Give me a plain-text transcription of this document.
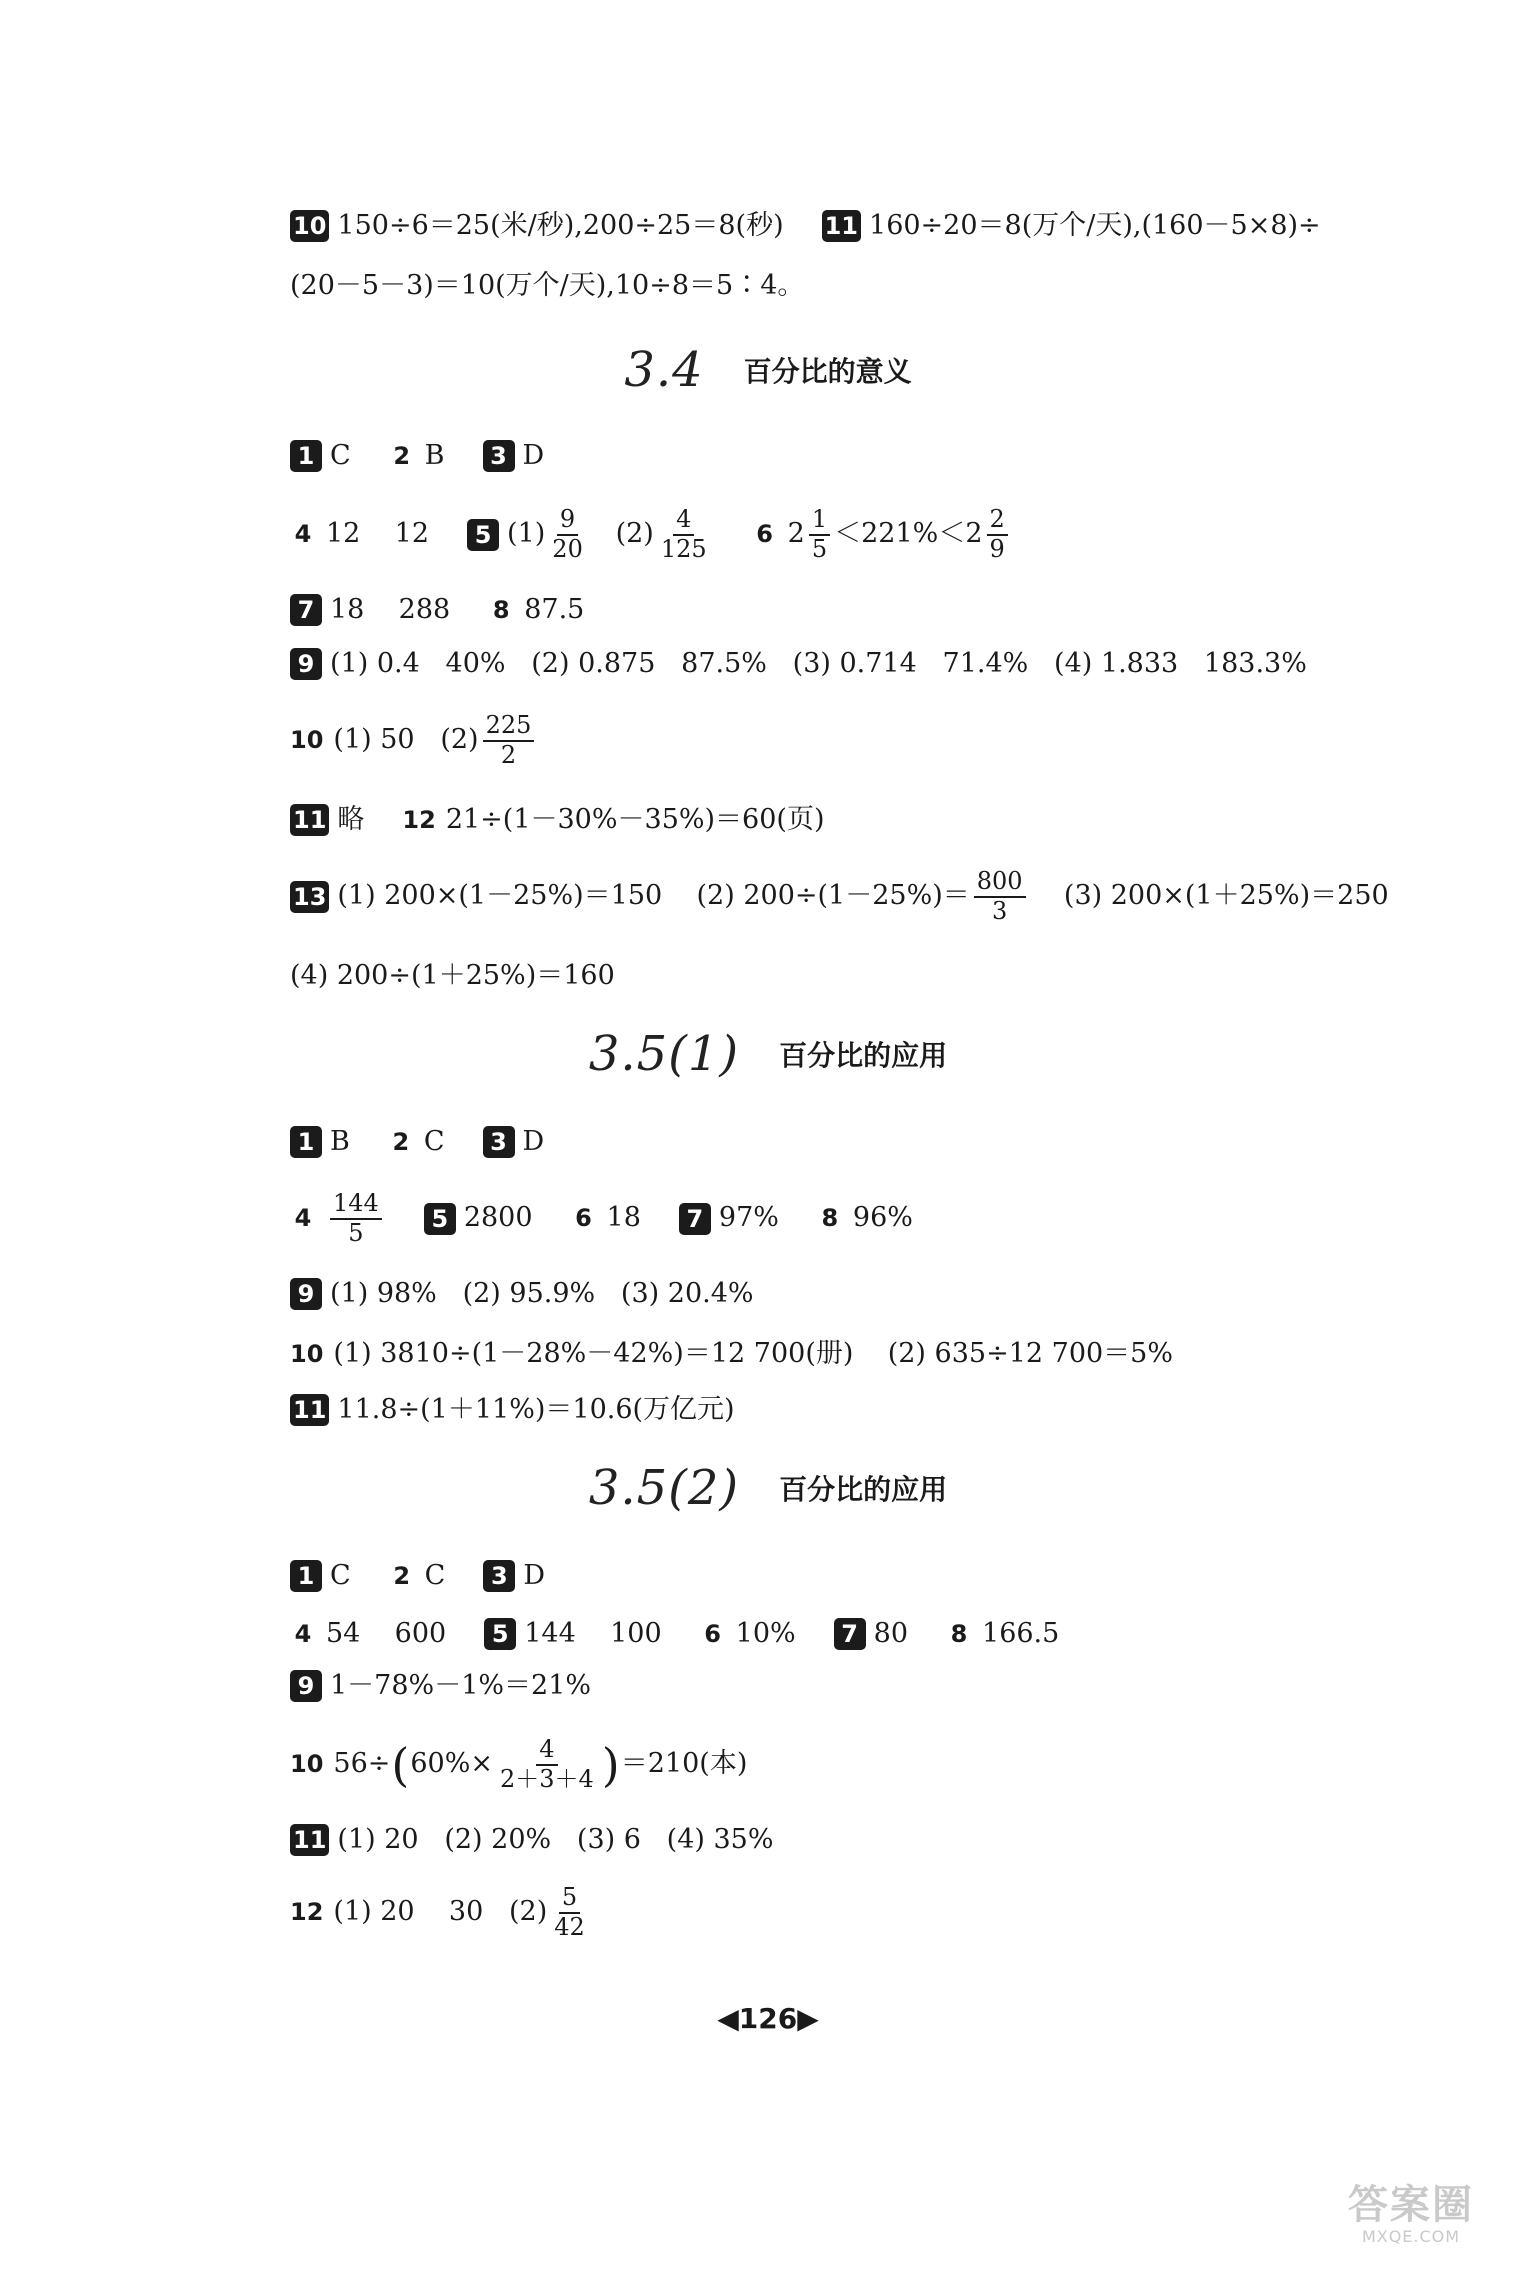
3.4 百分比的意义
3.5(1) 百分比的应用
3.5(2) 百分比的应用
10 150÷6＝25(米/秒),200÷25＝8(秒) 11 160÷20＝8(万个/天),(160－5×8)÷
(20－5－3)＝10(万个/天),10÷8＝5∶4。
1 C 2 B	3 D
4 12    12	5 $(1) \frac{9}{20} (2) \frac{4}{125} 6$ $2 \frac{1}{5} <221\%<2 \frac{2}{9}$
7 18    288 8 87.5
9 (1) 0.4   40%   (2) 0.875   87.5%   (3) 0.714   71.4%   (4) 1.833   183.3%
10 (1) 50   $(2) \frac{225}{2}$
11 略 12 21÷(1－30%－35%)＝60(页)
13 (1) 200×(1－25%)＝150    (2) $200\div(1-25\%)= \frac{800}{3} (3)$ 200×(1＋25%)＝250
(4) 200÷(1＋25%)＝160
1 B 2 C	3 D
$4 \frac{144}{5}$	5 2800 6 18	7 97% 8 96%
9 (1) 98%   (2) 95.9%   (3) 20.4%
10 (1) 3810÷(1－28%－42%)＝12 700(册)    (2) 635÷12 700＝5%
11 11.8÷(1＋11%)＝10.6(万亿元)
1 C 2 C	3 D
4 54    600	5 144    100 6 10%	7 80 8 166.5
9 1－78%－1%＝21%
10 56÷ ( $60\%\times \frac{4}{2+3+4}$ ) ＝210(本)
11 (1) 20   (2) 20%   (3) 6   (4) 35%
12 (1) 20    30   $(2) \frac{5}{42}$
◀126▶
答案圈
MXQE.COM
